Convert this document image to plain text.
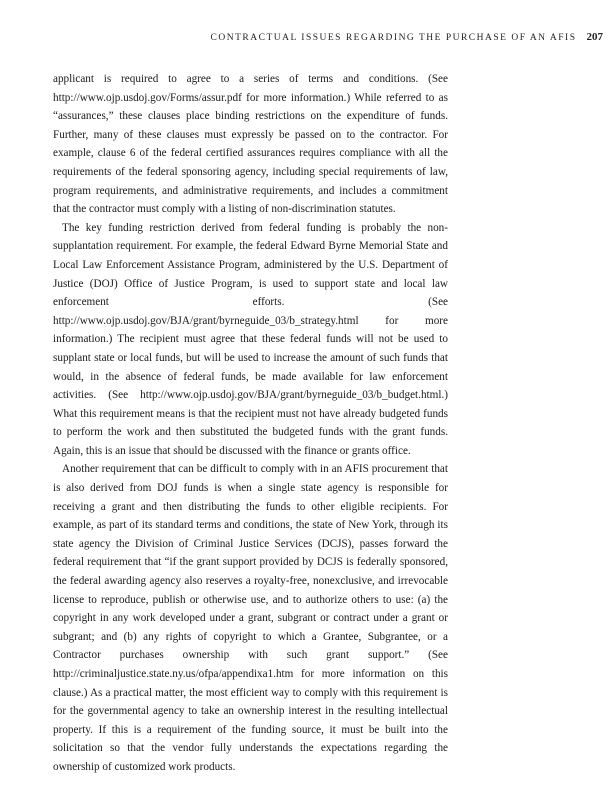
CONTRACTUAL ISSUES REGARDING THE PURCHASE OF AN AFIS 207

applicant is required to agree to a series of terms and conditions. (See http://www.ojp.usdoj.gov/Forms/assur.pdf for more information.) While referred to as “assurances,” these clauses place binding restrictions on the expenditure of funds. Further, many of these clauses must expressly be passed on to the contractor. For example, clause 6 of the federal certified assurances requires compliance with all the requirements of the federal sponsoring agency, including special requirements of law, program requirements, and administrative requirements, and includes a commitment that the contractor must comply with a listing of non-discrimination statutes.

The key funding restriction derived from federal funding is probably the non-supplantation requirement. For example, the federal Edward Byrne Memorial State and Local Law Enforcement Assistance Program, administered by the U.S. Department of Justice (DOJ) Office of Justice Program, is used to support state and local law enforcement efforts. (See http://www.ojp.usdoj.gov/BJA/grant/byrneguide_03/b_strategy.html for more information.) The recipient must agree that these federal funds will not be used to supplant state or local funds, but will be used to increase the amount of such funds that would, in the absence of federal funds, be made available for law enforcement activities. (See http://www.ojp.usdoj.gov/BJA/grant/byrneguide_03/b_budget.html.) What this requirement means is that the recipient must not have already budgeted funds to perform the work and then substituted the budgeted funds with the grant funds. Again, this is an issue that should be discussed with the finance or grants office.

Another requirement that can be difficult to comply with in an AFIS procurement that is also derived from DOJ funds is when a single state agency is responsible for receiving a grant and then distributing the funds to other eligible recipients. For example, as part of its standard terms and conditions, the state of New York, through its state agency the Division of Criminal Justice Services (DCJS), passes forward the federal requirement that “if the grant support provided by DCJS is federally sponsored, the federal awarding agency also reserves a royalty-free, nonexclusive, and irrevocable license to reproduce, publish or otherwise use, and to authorize others to use: (a) the copyright in any work developed under a grant, subgrant or contract under a grant or subgrant; and (b) any rights of copyright to which a Grantee, Subgrantee, or a Contractor purchases ownership with such grant support.” (See http://criminaljustice.state.ny.us/ofpa/appendixa1.htm for more information on this clause.) As a practical matter, the most efficient way to comply with this requirement is for the governmental agency to take an ownership interest in the resulting intellectual property. If this is a requirement of the funding source, it must be built into the solicitation so that the vendor fully understands the expectations regarding the ownership of customized work products.
